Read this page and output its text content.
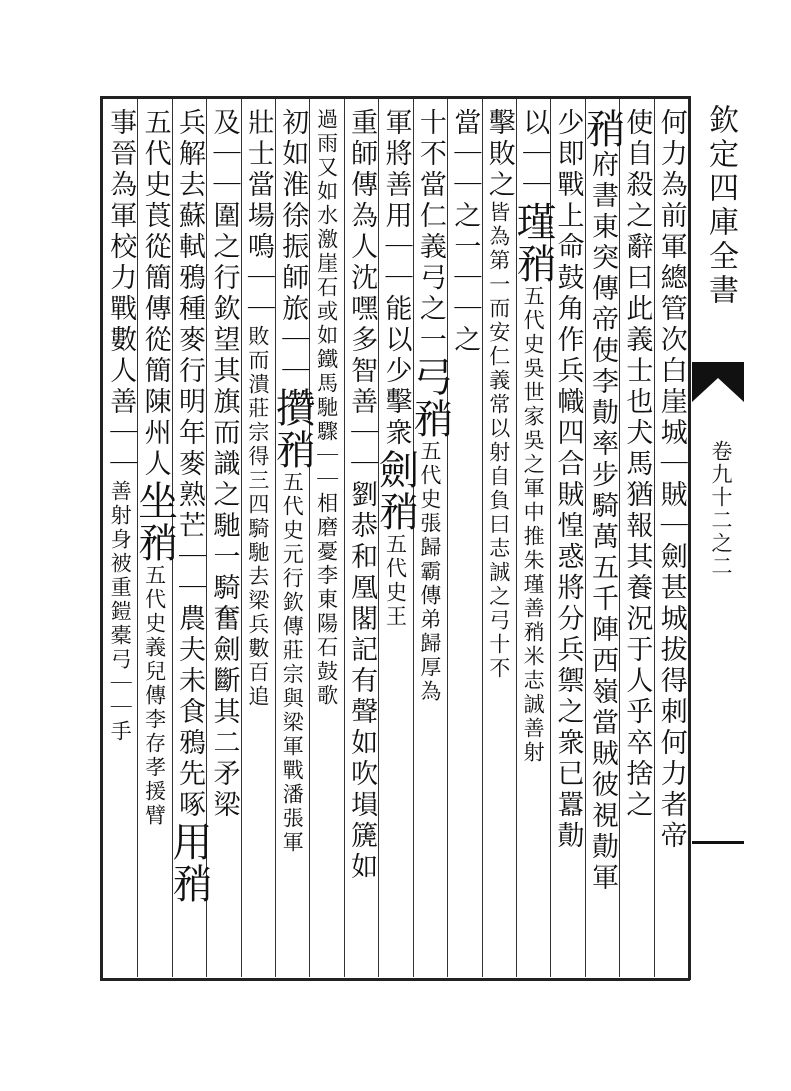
何力為前軍總管次白崖城｜賊｜劍甚城拔得刺何力者帝
使自殺之辭曰此義士也犬馬猶報其養況于人乎卒捨之
矟府書東突傳帝使李勣率步騎萬五千陣西嶺當賊彼視勣軍
少即戰上命鼓角作兵幟四合賊惶惑將分兵禦之衆已囂勣
以｜｜瑾矟五代史吳世家吳之軍中推朱瑾善矟米志誠善射
擊敗之皆為第一而安仁義常以射自負曰志誠之弓十不
當｜｜之一｜｜之
十不當仁義弓之一弓矟五代史張歸霸傳弟歸厚為
軍將善用｜｜能以少擊衆劍矟五代史王
重師傳為人沈嘿多智善｜｜劉恭和凰閣記有聲如吹塤篪如
過雨又如水激崖石或如鐵馬馳驟｜｜相磨憂李東陽石鼓歌
初如淮徐振師旅｜｜攢矟五代史元行欽傳莊宗與梁軍戰潘張軍
壯士當場鳴｜｜敗而潰莊宗得三四騎馳去梁兵數百追
及｜｜圍之行欽望其旗而識之馳一騎奮劍斷其二矛梁
兵解去蘇軾鴉種麥行明年麥熟芒｜｜農夫未食鴉先啄用矟
五代史莨從簡傳從簡陳州人坐矟五代史義兒傳李存孝援臂
事晉為軍校力戰數人善｜｜善射身被重鎧橐弓｜｜手
欽定四庫全書
卷九十二之二
